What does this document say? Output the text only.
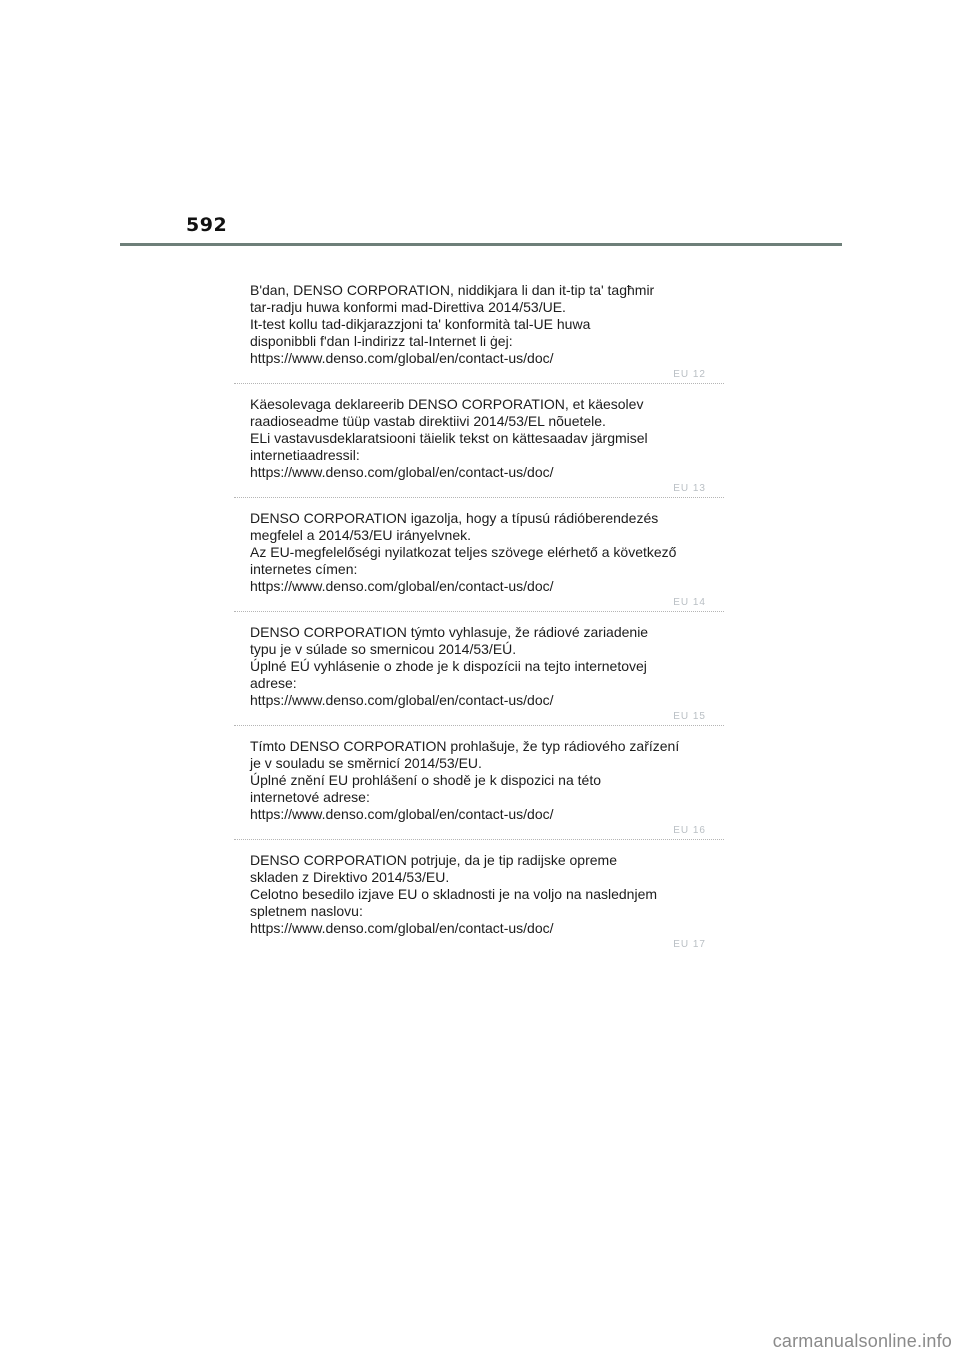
592
B'dan, DENSO CORPORATION, niddikjara li dan it-tip ta' tagħmir
tar-radju huwa konformi mad-Direttiva 2014/53/UE.
It-test kollu tad-dikjarazzjoni ta' konformità tal-UE huwa
disponibbli f'dan l-indirizz tal-Internet li ġej:
https://www.denso.com/global/en/contact-us/doc/
EU 12
Käesolevaga deklareerib DENSO CORPORATION, et käesolev
raadioseadme tüüp vastab direktiivi 2014/53/EL nõuetele.
ELi vastavusdeklaratsiooni täielik tekst on kättesaadav järgmisel
internetiaadressil:
https://www.denso.com/global/en/contact-us/doc/
EU 13
DENSO CORPORATION igazolja, hogy a típusú rádióberendezés
megfelel a 2014/53/EU irányelvnek.
Az EU-megfelelőségi nyilatkozat teljes szövege elérhető a következő
internetes címen:
https://www.denso.com/global/en/contact-us/doc/
EU 14
DENSO CORPORATION týmto vyhlasuje, že rádiové zariadenie
typu je v súlade so smernicou 2014/53/EÚ.
Úplné EÚ vyhlásenie o zhode je k dispozícii na tejto internetovej
adrese:
https://www.denso.com/global/en/contact-us/doc/
EU 15
Tímto DENSO CORPORATION prohlašuje, že typ rádiového zařízení
je v souladu se směrnicí 2014/53/EU.
Úplné znění EU prohlášení o shodě je k dispozici na této
internetové adrese:
https://www.denso.com/global/en/contact-us/doc/
EU 16
DENSO CORPORATION potrjuje, da je tip radijske opreme
skladen z Direktivo 2014/53/EU.
Celotno besedilo izjave EU o skladnosti je na voljo na naslednjem
spletnem naslovu:
https://www.denso.com/global/en/contact-us/doc/
EU 17
carmanualsonline.info
